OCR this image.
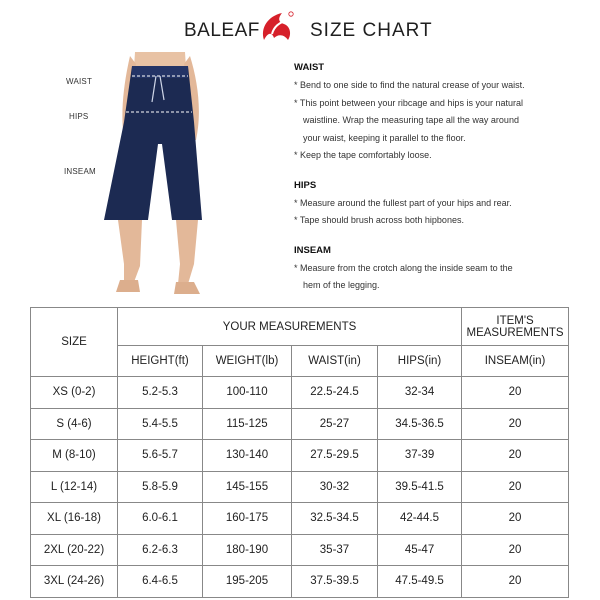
BALEAF	SIZE CHART
WAIST
HIPS
INSEAM
WAIST
* Bend to one side to find the natural crease of your waist.
* This point between your ribcage and hips is your natural
waistline. Wrap the measuring tape all the way around
your waist, keeping it parallel to the floor.
* Keep the tape comfortably loose.
HIPS
* Measure around the fullest part of your hips and rear.
* Tape should brush across both hipbones.
INSEAM
* Measure from the crotch along the inside seam to the
hem of the legging.
SIZE	YOUR MEASUREMENTS				ITEM'S
MEASUREMENTS

	HEIGHT(ft)	WEIGHT(lb)	WAIST(in)	HIPS(in)	INSEAM(in)
XS (0-2)	5.2-5.3	100-110	22.5-24.5	32-34	20
S (4-6)	5.4-5.5	115-125	25-27	34.5-36.5	20
M (8-10)	5.6-5.7	130-140	27.5-29.5	37-39	20
L (12-14)	5.8-5.9	145-155	30-32	39.5-41.5	20
XL (16-18)	6.0-6.1	160-175	32.5-34.5	42-44.5	20
2XL (20-22)	6.2-6.3	180-190	35-37	45-47	20
3XL (24-26)	6.4-6.5	195-205	37.5-39.5	47.5-49.5	20
